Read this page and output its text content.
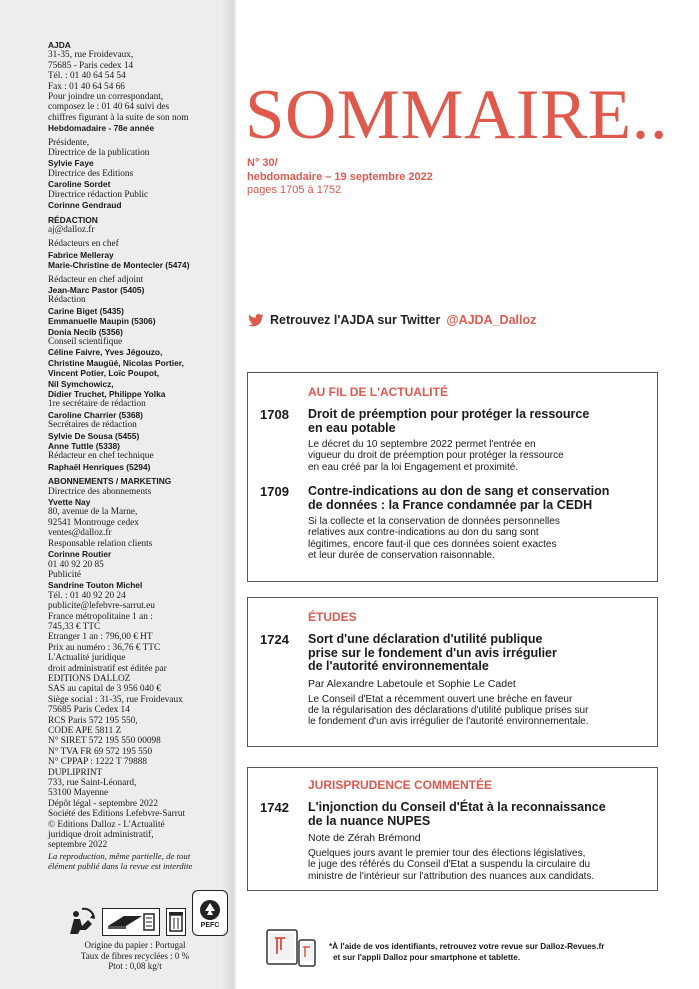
AJDA
31-35, rue Froidevaux,
75685 - Paris cedex 14
Tél. : 01 40 64 54 54
Fax : 01 40 64 54 66
Pour joindre un correspondant,
composez le : 01 40 64 suivi des
chiffres figurant à la suite de son nom
Hebdomadaire - 78e année
Présidente,
Directrice de la publication
Sylvie Faye
Directrice des Editions
Caroline Sordet
Directrice rédaction Public
Corinne Gendraud
RÉDACTION
aj@dalloz.fr
Rédacteurs en chef
Fabrice Melleray
Marie-Christine de Montecler (5474)
Rédacteur en chef adjoint
Jean-Marc Pastor (5405)
Rédaction
Carine Biget (5435)
Emmanuelle Maupin (5306)
Donia Necib (5356)
Conseil scientifique
Céline Faivre, Yves Jégouzo,
Christine Maugüé, Nicolas Portier,
Vincent Potier, Loïc Poupot,
Nil Symchowicz,
Didier Truchet, Philippe Yolka
1re secrétaire de rédaction
Caroline Charrier (5368)
Secrétaires de rédaction
Sylvie De Sousa (5455)
Anne Tuttle (5338)
Rédacteur en chef technique
Raphaël Henriques (5294)
ABONNEMENTS / MARKETING
Directrice des abonnements
Yvette Nay
80, avenue de la Marne,
92541 Montrouge cedex
ventes@dalloz.fr
Responsable relation clients
Corinne Routier
01 40 92 20 85
Publicité
Sandrine Touton Michel
Tél. : 01 40 92 20 24
publicite@lefebvre-sarrut.eu
France métropolitaine 1 an :
745,33 € TTC
Etranger 1 an : 796,00 € HT
Prix au numéro : 36,76 € TTC
L'Actualité juridique
droit administratif est éditée par
EDITIONS DALLOZ
SAS au capital de 3 956 040 €
Siège social : 31-35, rue Froidevaux
75685 Paris Cedex 14
RCS Paris 572 195 550,
CODE APE 5811 Z
N° SIRET 572 195 550 00098
N° TVA FR 69 572 195 550
N° CPPAP : 1222 T 79888
DUPLIPRINT
733, rue Saint-Léonard,
53100 Mayenne
Dépôt légal - septembre 2022
Société des Editions Lefebvre-Sarrut
© Editions Dalloz - L'Actualité
juridique droit administratif,
septembre 2022
La reproduction, même partielle, de tout
élément publié dans la revue est interdite
PEFC
Origine du papier : Portugal
Taux de fibres recyclées : 0 %
Ptot : 0,08 kg/t
SOMMAIRE..
N° 30/
hebdomadaire – 19 septembre 2022
pages 1705 à 1752
Retrouvez l'AJDA sur Twitter @AJDA_Dalloz
AU FIL DE L'ACTUALITÉ
1708 Droit de préemption pour protéger la ressource
en eau potable
Le décret du 10 septembre 2022 permet l'entrée en
vigueur du droit de préemption pour protéger la ressource
en eau créé par la loi Engagement et proximité.
1709 Contre-indications au don de sang et conservation
de données : la France condamnée par la CEDH
Si la collecte et la conservation de données personnelles
relatives aux contre-indications au don du sang sont
légitimes, encore faut-il que ces données soient exactes
et leur durée de conservation raisonnable.
ÉTUDES
1724 Sort d'une déclaration d'utilité publique
prise sur le fondement d'un avis irrégulier
de l'autorité environnementale
Par Alexandre Labetoule et Sophie Le Cadet
Le Conseil d'Etat a récemment ouvert une brèche en faveur
de la régularisation des déclarations d'utilité publique prises sur
le fondement d'un avis irrégulier de l'autorité environnementale.
JURISPRUDENCE COMMENTÉE
1742 L'injonction du Conseil d'État à la reconnaissance
de la nuance NUPES
Note de Zérah Brémond
Quelques jours avant le premier tour des élections législatives,
le juge des référés du Conseil d'Etat a suspendu la circulaire du
ministre de l'intérieur sur l'attribution des nuances aux candidats.
*À l'aide de vos identifiants, retrouvez votre revue sur Dalloz-Revues.fr
et sur l'appli Dalloz pour smartphone et tablette.
